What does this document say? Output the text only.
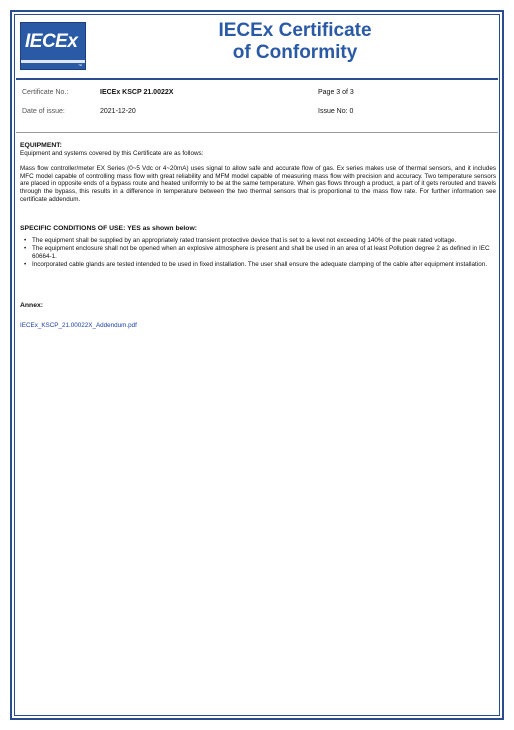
IECEx
™
IECEx Certificate
of Conformity
Certificate No.:	IECEx KSCP 21.0022X	Page 3 of 3
Date of issue:	2021-12-20	Issue No: 0
EQUIPMENT:
Equipment and systems covered by this Certificate are as follows:
Mass flow controller/meter EX Series (0~5 Vdc or 4~20mA) uses signal to allow safe and accurate flow of gas. Ex series makes use of thermal sensors, and it includes MFC model capable of controlling mass flow with great reliability and MFM model capable of measuring mass flow with precision and accuracy. Two temperature sensors are placed in opposite ends of a bypass route and heated uniformly to be at the same temperature. When gas flows through a product, a part of it gets rerouted and travels through the bypass, this results in a difference in temperature between the two thermal sensors that is proportional to the mass flow rate. For further information see certificate addendum.
SPECIFIC CONDITIONS OF USE: YES as shown below:
• The equipment shall be supplied by an appropriately rated transient protective device that is set to a level not exceeding 140% of the peak rated voltage.
• The equipment enclosure shall not be opened when an explosive atmosphere is present and shall be used in an area of at least Pollution degree 2 as defined in IEC 60664-1.
• Incorporated cable glands are tested intended to be used in fixed installation. The user shall ensure the adequate clamping of the cable after equipment installation.
Annex:
IECEx_KSCP_21.00022X_Addendum.pdf
